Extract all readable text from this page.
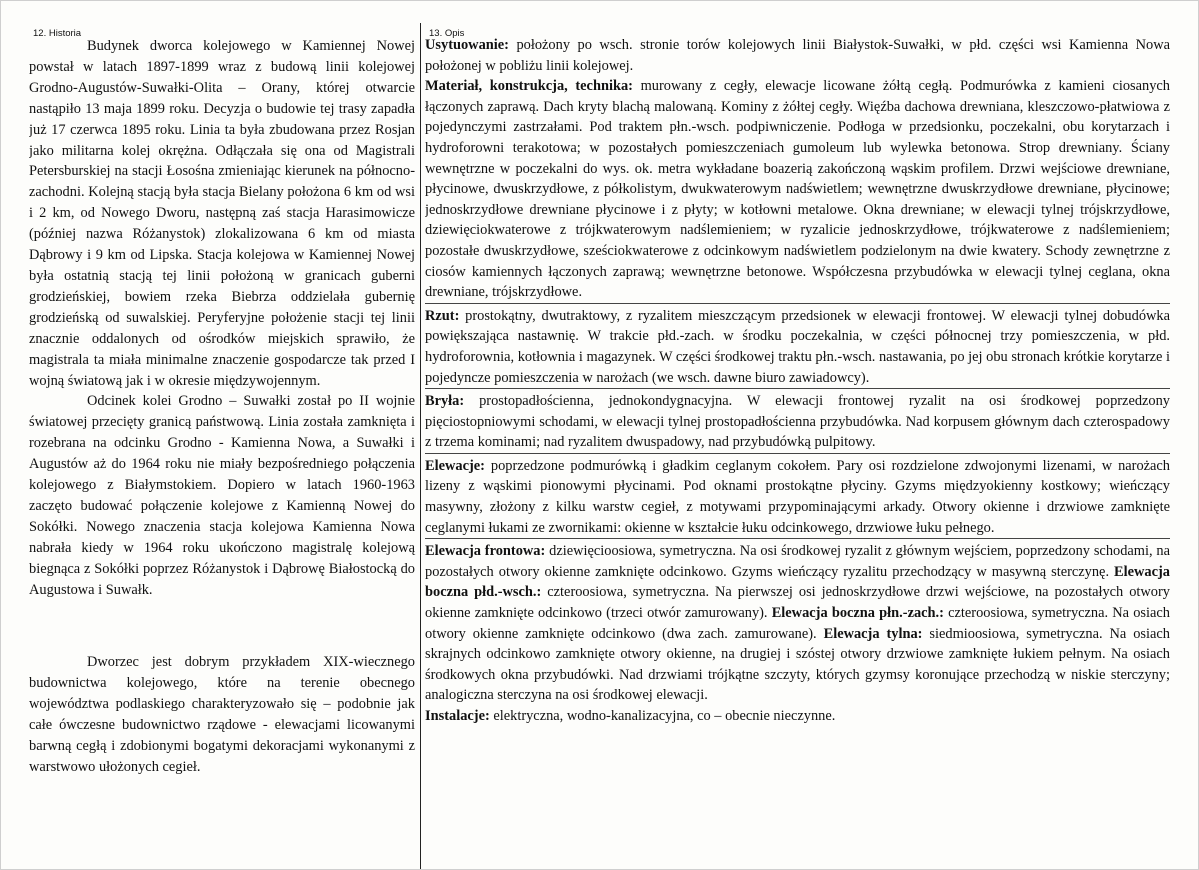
12. Historia	13. Opis

Budynek dworca kolejowego w Kamiennej Nowej powstał w latach 1897-1899 wraz z budową linii kolejowej Grodno-Augustów-Suwałki-Olita – Orany, której otwarcie nastąpiło 13 maja 1899 roku. Decyzja o budowie tej trasy zapadła już 17 czerwca 1895 roku. Linia ta była zbudowana przez Rosjan jako militarna kolej okrężna. Odłączała się ona od Magistrali Petersburskiej na stacji Łosośna zmieniając kierunek na północno-zachodni. Kolejną stacją była stacja Bielany położona 6 km od wsi i 2 km, od Nowego Dworu, następną zaś stacja Harasimowicze (później nazwa Różanystok) zlokalizowana 6 km od miasta Dąbrowy i 9 km od Lipska. Stacja kolejowa w Kamiennej Nowej była ostatnią stacją tej linii położoną w granicach guberni grodzieńskiej, bowiem rzeka Biebrza oddzielała gubernię grodzieńską od suwalskiej. Peryferyjne położenie stacji tej linii znacznie oddalonych od ośrodków miejskich sprawiło, że magistrala ta miała minimalne znaczenie gospodarcze tak przed I wojną światową jak i w okresie międzywojennym.

Odcinek kolei Grodno – Suwałki został po II wojnie światowej przecięty granicą państwową. Linia została zamknięta i rozebrana na odcinku Grodno - Kamienna Nowa, a Suwałki i Augustów aż do 1964 roku nie miały bezpośredniego połączenia kolejowego z Białymstokiem. Dopiero w latach 1960-1963 zaczęto budować połączenie kolejowe z Kamienną Nowej do Sokółki. Nowego znaczenia stacja kolejowa Kamienna Nowa nabrała kiedy w 1964 roku ukończono magistralę kolejową biegnąca z Sokółki poprzez Różanystok i Dąbrowę Białostocką do Augustowa i Suwałk.

Dworzec jest dobrym przykładem XIX-wiecznego budownictwa kolejowego, które na terenie obecnego województwa podlaskiego charakteryzowało się – podobnie jak całe ówczesne budownictwo rządowe - elewacjami licowanymi barwną cegłą i zdobionymi bogatymi dekoracjami wykonanymi z warstwowo ułożonych cegieł.

Usytuowanie: położony po wsch. stronie torów kolejowych linii Białystok-Suwałki, w płd. części wsi Kamienna Nowa położonej w pobliżu linii kolejowej.

Materiał, konstrukcja, technika: murowany z cegły, elewacje licowane żółtą cegłą. Podmurówka z kamieni ciosanych łączonych zaprawą. Dach kryty blachą malowaną. Kominy z żółtej cegły. Więźba dachowa drewniana, kleszczowo-płatwiowa z pojedynczymi zastrzałami. Pod traktem płn.-wsch. podpiwniczenie. Podłoga w przedsionku, poczekalni, obu korytarzach i hydroforowni terakotowa; w pozostałych pomieszczeniach gumoleum lub wylewka betonowa. Strop drewniany. Ściany wewnętrzne w poczekalni do wys. ok. metra wykładane boazerią zakończoną wąskim profilem. Drzwi wejściowe drewniane, płycinowe, dwuskrzydłowe, z półkolistym, dwukwaterowym nadświetlem; wewnętrzne dwuskrzydłowe drewniane, płycinowe; jednoskrzydłowe drewniane płycinowe i z płyty; w kotłowni metalowe. Okna drewniane; w elewacji tylnej trójskrzydłowe, dziewięciokwaterowe z trójkwaterowym nadślemieniem; w ryzalicie jednoskrzydłowe, trójkwaterowe z nadślemieniem; pozostałe dwuskrzydłowe, sześciokwaterowe z odcinkowym nadświetlem podzielonym na dwie kwatery. Schody zewnętrzne z ciosów kamiennych łączonych zaprawą; wewnętrzne betonowe. Współczesna przybudówka w elewacji tylnej ceglana, okna drewniane, trójskrzydłowe.

Rzut: prostokątny, dwutraktowy, z ryzalitem mieszczącym przedsionek w elewacji frontowej. W elewacji tylnej dobudówka powiększająca nastawnię. W trakcie płd.-zach. w środku poczekalnia, w części północnej trzy pomieszczenia, w płd. hydroforownia, kotłownia i magazynek. W części środkowej traktu płn.-wsch. nastawania, po jej obu stronach krótkie korytarze i pojedyncze pomieszczenia w narożach (we wsch. dawne biuro zawiadowcy).

Bryła: prostopadłościenna, jednokondygnacyjna. W elewacji frontowej ryzalit na osi środkowej poprzedzony pięciostopniowymi schodami, w elewacji tylnej prostopadłościenna przybudówka. Nad korpusem głównym dach czterospadowy z trzema kominami; nad ryzalitem dwuspadowy, nad przybudówką pulpitowy.

Elewacje: poprzedzone podmurówką i gładkim ceglanym cokołem. Pary osi rozdzielone zdwojonymi lizenami, w narożach lizeny z wąskimi pionowymi płycinami. Pod oknami prostokątne płyciny. Gzyms międzyokienny kostkowy; wieńczący masywny, złożony z kilku warstw cegieł, z motywami przypominającymi arkady. Otwory okienne i drzwiowe zamknięte ceglanymi łukami ze zwornikami: okienne w kształcie łuku odcinkowego, drzwiowe łuku pełnego.

Elewacja frontowa: dziewięcioosiowa, symetryczna. Na osi środkowej ryzalit z głównym wejściem, poprzedzony schodami, na pozostałych otwory okienne zamknięte odcinkowo. Gzyms wieńczący ryzalitu przechodzący w masywną sterczynę. Elewacja boczna płd.-wsch.: czteroosiowa, symetryczna. Na pierwszej osi jednoskrzydłowe drzwi wejściowe, na pozostałych otwory okienne zamknięte odcinkowo (trzeci otwór zamurowany). Elewacja boczna płn.-zach.: czteroosiowa, symetryczna. Na osiach otwory okienne zamknięte odcinkowo (dwa zach. zamurowane). Elewacja tylna: siedmioosiowa, symetryczna. Na osiach skrajnych odcinkowo zamknięte otwory okienne, na drugiej i szóstej otwory drzwiowe zamknięte łukiem pełnym. Na osiach środkowych okna przybudówki. Nad drzwiami trójkątne szczyty, których gzymsy koronujące przechodzą w niskie sterczyny; analogiczna sterczyna na osi środkowej elewacji.

Instalacje: elektryczna, wodno-kanalizacyjna, co – obecnie nieczynne.
